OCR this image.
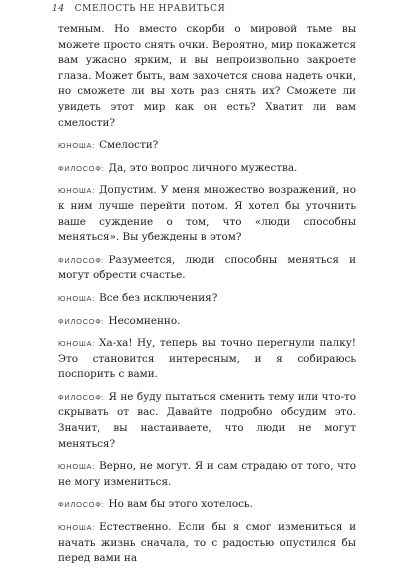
14 СМЕЛОСТЬ НЕ НРАВИТЬСЯ

темным. Но вместо скорби о мировой тьме вы можете просто снять очки. Вероятно, мир покажется вам ужасно ярким, и вы непроизвольно закроете глаза. Может быть, вам захочется снова надеть очки, но сможете ли вы хоть раз снять их? Сможете ли увидеть этот мир как он есть? Хватит ли вам смелости?

ЮНОША: Смелости?

ФИЛОСОФ: Да, это вопрос личного мужества.

ЮНОША: Допустим. У меня множество возражений, но к ним лучше перейти потом. Я хотел бы уточнить ваше суждение о том, что «люди способны меняться». Вы убеждены в этом?

ФИЛОСОФ: Разумеется, люди способны меняться и могут обрести счастье.

ЮНОША: Все без исключения?

ФИЛОСОФ: Несомненно.

ЮНОША: Ха-ха! Ну, теперь вы точно перегнули палку! Это становится интересным, и я собираюсь поспорить с вами.

ФИЛОСОФ: Я не буду пытаться сменить тему или что-то скрывать от вас. Давайте подробно обсудим это. Значит, вы настаиваете, что люди не могут меняться?

ЮНОША: Верно, не могут. Я и сам страдаю от того, что не могу измениться.

ФИЛОСОФ: Но вам бы этого хотелось.

ЮНОША: Естественно. Если бы я смог измениться и начать жизнь сначала, то с радостью опустился бы перед вами на
